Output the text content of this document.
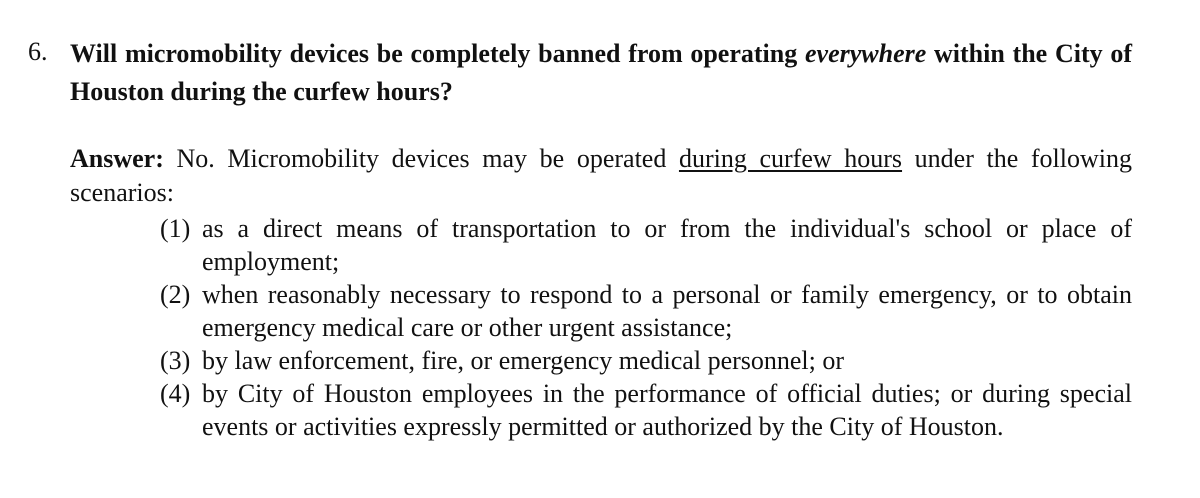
6. Will micromobility devices be completely banned from operating everywhere within the City of Houston during the curfew hours?
Answer: No. Micromobility devices may be operated during curfew hours under the following scenarios:
(1) as a direct means of transportation to or from the individual's school or place of employment;
(2) when reasonably necessary to respond to a personal or family emergency, or to obtain emergency medical care or other urgent assistance;
(3) by law enforcement, fire, or emergency medical personnel; or
(4) by City of Houston employees in the performance of official duties; or during special events or activities expressly permitted or authorized by the City of Houston.
